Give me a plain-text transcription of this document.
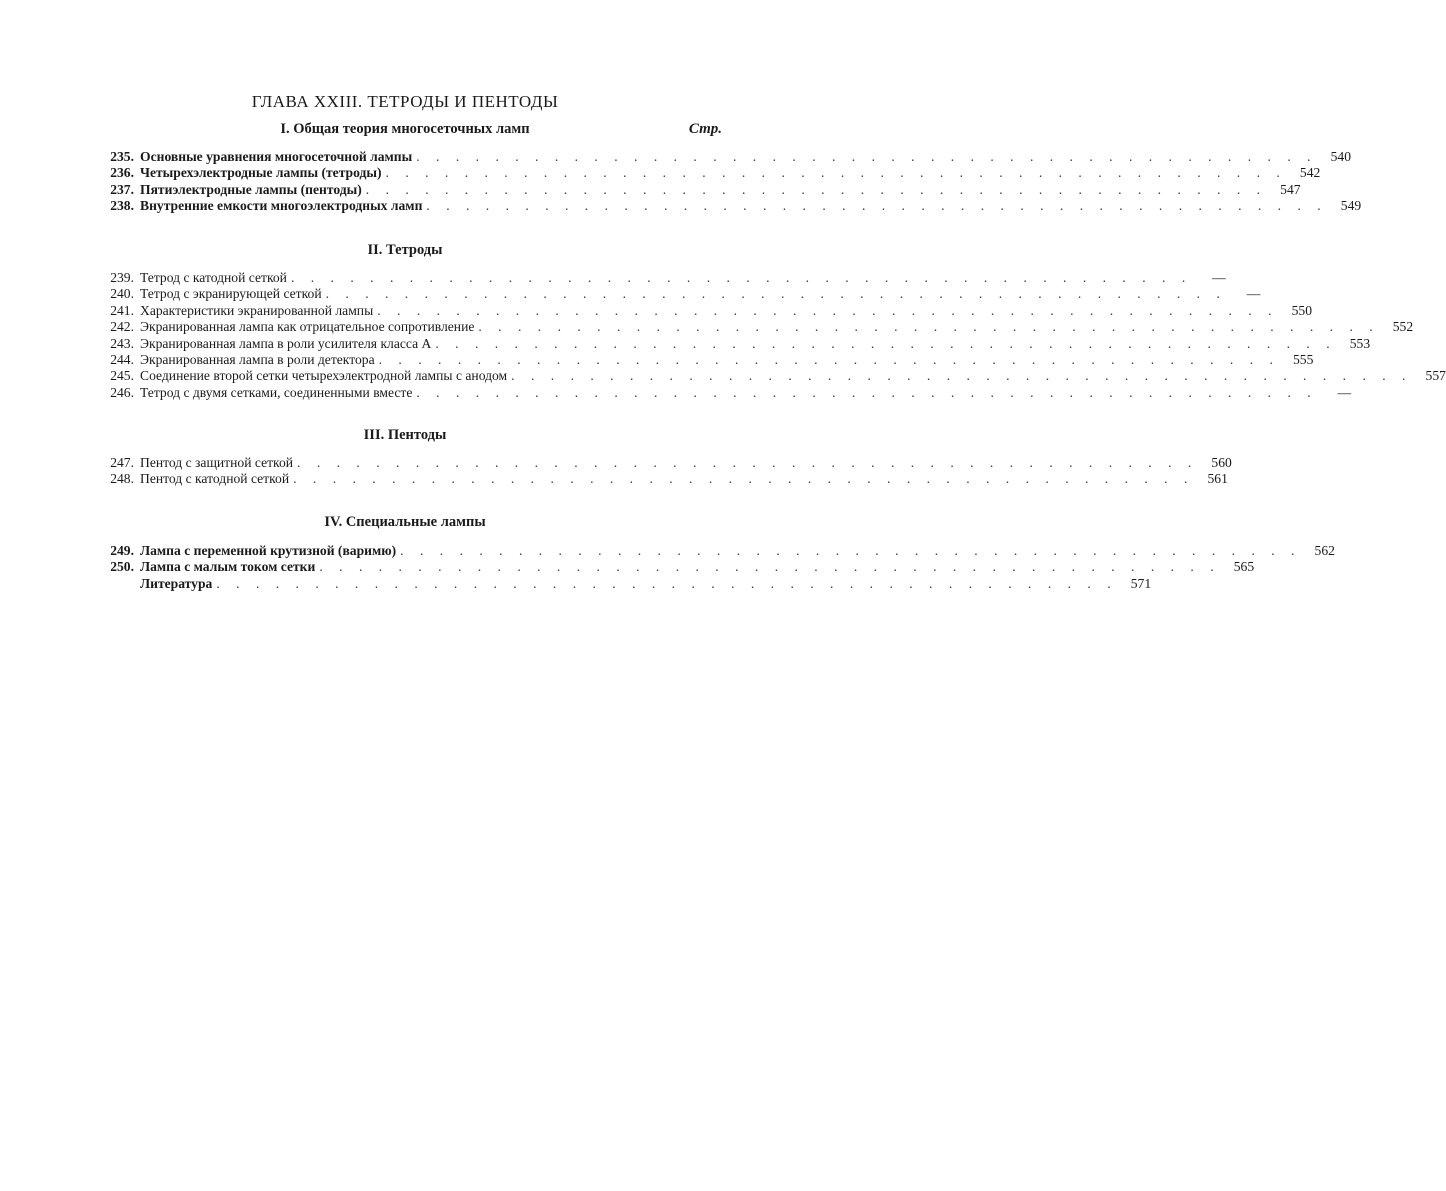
ГЛАВА XXIII. ТЕТРОДЫ И ПЕНТОДЫ
I. Общая теория многосеточных ламп	Стр.
235. Основные уравнения многосеточной лампы . . . . . . . . . . . . . . . . . . . . . . . . . . . . . . . . . . . . . . . . . . . . . .	540
236. Четырехэлектродные лампы (тетроды) . . . . . . . . . . . . . . . . . . . . . . . . . . . . . . . . . . . . . . . . . . . . . .	542
237. Пятиэлектродные лампы (пентоды) . . . . . . . . . . . . . . . . . . . . . . . . . . . . . . . . . . . . . . . . . . . . . .	547
238. Внутренние емкости многоэлектродных ламп . . . . . . . . . . . . . . . . . . . . . . . . . . . . . . . . . . . . . . . . . . . . . .	549
II. Тетроды
239. Тетрод с катодной сеткой . . . . . . . . . . . . . . . . . . . . . . . . . . . . . . . . . . . . . . . . . . . . . .	—
240. Тетрод с экранирующей сеткой . . . . . . . . . . . . . . . . . . . . . . . . . . . . . . . . . . . . . . . . . . . . . .	—
241. Характеристики экранированной лампы . . . . . . . . . . . . . . . . . . . . . . . . . . . . . . . . . . . . . . . . . . . . . .	550
242. Экранированная лампа как отрицательное сопротивление . . . . . . . . . . . . . . . . . . . . . . . . . . . . . . . . . . . . . . . . . . . . . .	552
243. Экранированная лампа в роли усилителя класса А . . . . . . . . . . . . . . . . . . . . . . . . . . . . . . . . . . . . . . . . . . . . . .	553
244. Экранированная лампа в роли детектора . . . . . . . . . . . . . . . . . . . . . . . . . . . . . . . . . . . . . . . . . . . . . .	555
245. Соединение второй сетки четырехэлектродной лампы с анодом . . . . . . . . . . . . . . . . . . . . . . . . . . . . . . . . . . . . . . . . . . . . . .	557
246. Тетрод с двумя сетками, соединенными вместе . . . . . . . . . . . . . . . . . . . . . . . . . . . . . . . . . . . . . . . . . . . . . .	—
III. Пентоды
247. Пентод с защитной сеткой . . . . . . . . . . . . . . . . . . . . . . . . . . . . . . . . . . . . . . . . . . . . . .	560
248. Пентод с катодной сеткой . . . . . . . . . . . . . . . . . . . . . . . . . . . . . . . . . . . . . . . . . . . . . .	561
IV. Специальные лампы
249. Лампа с переменной крутизной (варимю) . . . . . . . . . . . . . . . . . . . . . . . . . . . . . . . . . . . . . . . . . . . . . .	562
250. Лампа с малым током сетки . . . . . . . . . . . . . . . . . . . . . . . . . . . . . . . . . . . . . . . . . . . . . .	565
Литература . . . . . . . . . . . . . . . . . . . . . . . . . . . . . . . . . . . . . . . . . . . . . .	571
